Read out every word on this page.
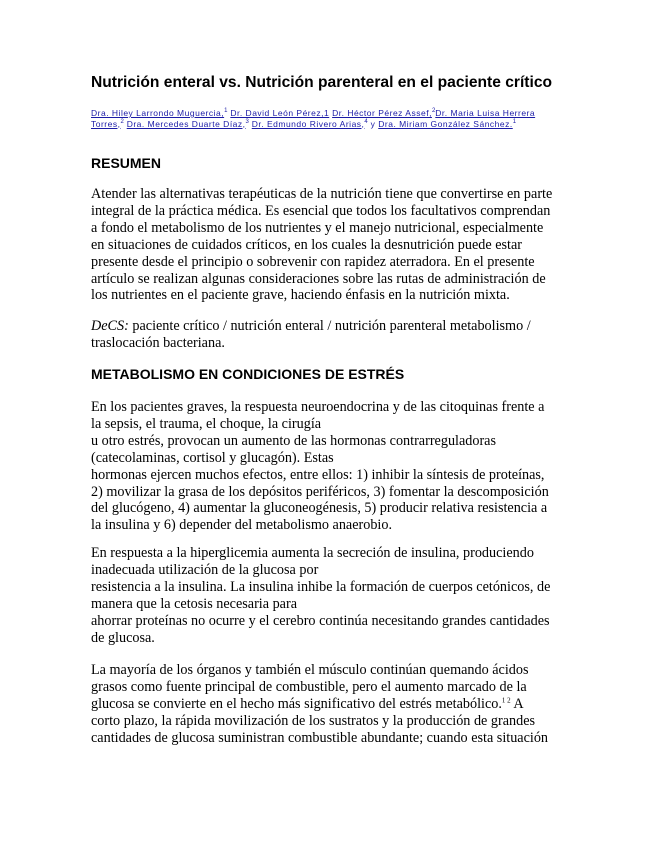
Nutrición enteral vs. Nutrición parenteral en el paciente crítico

Dra. Hiley Larrondo Muguercia,$^1$ Dr. David León Pérez,1 Dr. Héctor Pérez Assef,$^2$Dr. Maria Luisa Herrera Torres,$^2$ Dra. Mercedes Duarte Díaz,$^3$ Dr. Edmundo Rivero Arias,$^4$ y Dra. Miriam González Sánchez.$^1$

RESUMEN

Atender las alternativas terapéuticas de la nutrición tiene que convertirse en parte
integral de la práctica médica. Es esencial que todos los facultativos comprendan
a fondo el metabolismo de los nutrientes y el manejo nutricional, especialmente
en situaciones de cuidados críticos, en los cuales la desnutrición puede estar
presente desde el principio o sobrevenir con rapidez aterradora. En el presente
artículo se realizan algunas consideraciones sobre las rutas de administración de
los nutrientes en el paciente grave, haciendo énfasis en la nutrición mixta.

DeCS: paciente crítico / nutrición enteral / nutrición parenteral metabolismo /
traslocación bacteriana.

METABOLISMO EN CONDICIONES DE ESTRÉS

En los pacientes graves, la respuesta neuroendocrina y de las citoquinas frente a
la sepsis, el trauma, el choque, la cirugía
u otro estrés, provocan un aumento de las hormonas contrarreguladoras
(catecolaminas, cortisol y glucagón). Estas
hormonas ejercen muchos efectos, entre ellos: 1) inhibir la síntesis de proteínas,
2) movilizar la grasa de los depósitos periféricos, 3) fomentar la descomposición
del glucógeno, 4) aumentar la gluconeogénesis, 5) producir relativa resistencia a
la insulina y 6) depender del metabolismo anaerobio.

En respuesta a la hiperglicemia aumenta la secreción de insulina, produciendo
inadecuada utilización de la glucosa por
resistencia a la insulina. La insulina inhibe la formación de cuerpos cetónicos, de
manera que la cetosis necesaria para
ahorrar proteínas no ocurre y el cerebro continúa necesitando grandes cantidades
de glucosa.

La mayoría de los órganos y también el músculo continúan quemando ácidos
grasos como fuente principal de combustible, pero el aumento marcado de la
glucosa se convierte en el hecho más significativo del estrés metabólico.$^{1 2}$ A
corto plazo, la rápida movilización de los sustratos y la producción de grandes
cantidades de glucosa suministran combustible abundante; cuando esta situación
